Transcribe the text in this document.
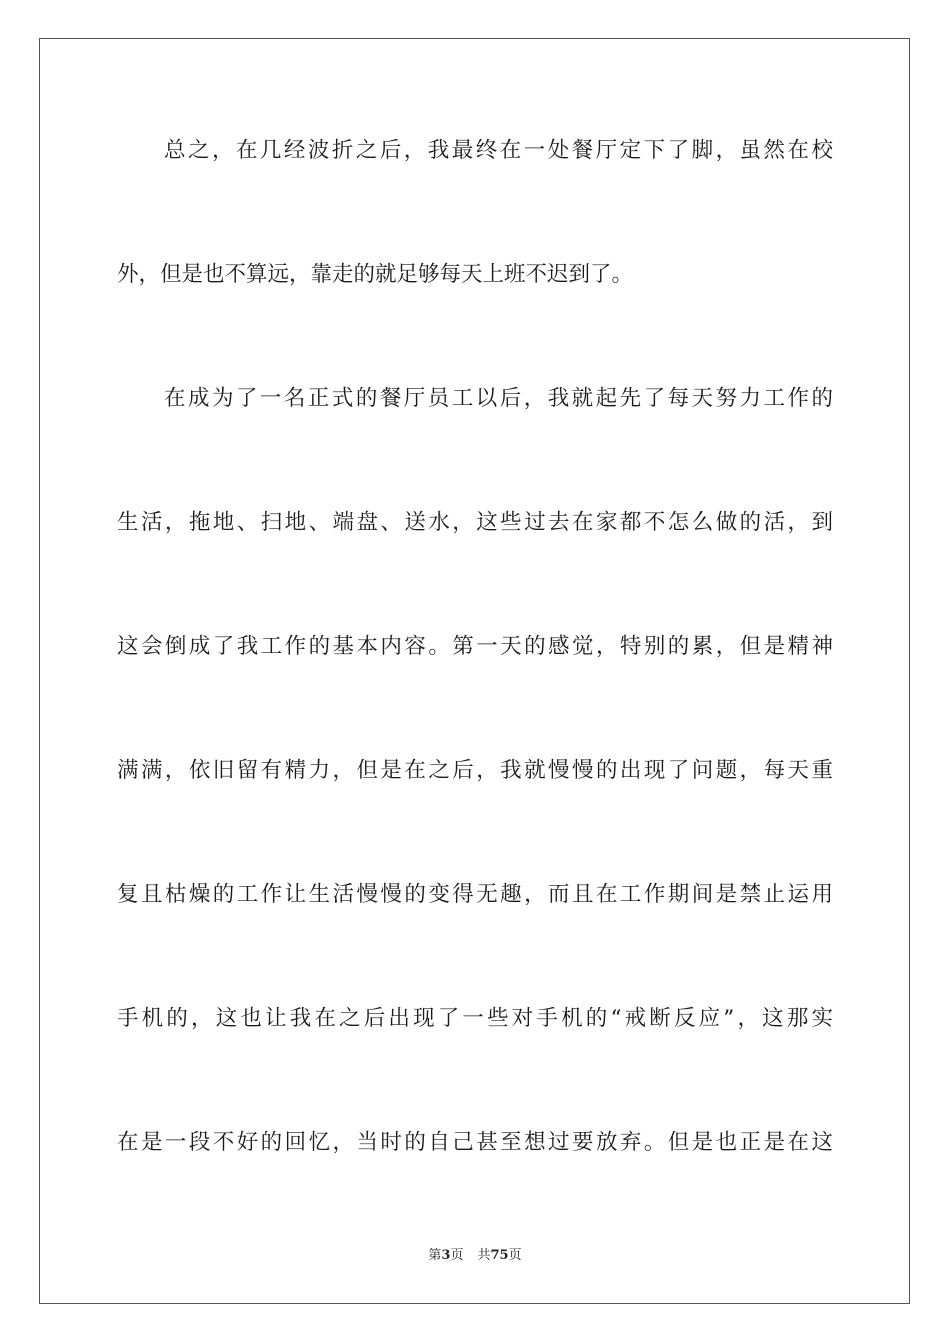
总之，在几经波折之后，我最终在一处餐厅定下了脚，虽然在校
外，但是也不算远，靠走的就足够每天上班不迟到了。
在成为了一名正式的餐厅员工以后，我就起先了每天努力工作的
生活，拖地、扫地、端盘、送水，这些过去在家都不怎么做的活，到
这会倒成了我工作的基本内容。第一天的感觉，特别的累，但是精神
满满，依旧留有精力，但是在之后，我就慢慢的出现了问题，每天重
复且枯燥的工作让生活慢慢的变得无趣，而且在工作期间是禁止运用
手机的，这也让我在之后出现了一些对手机的“戒断反应”，这那实
在是一段不好的回忆，当时的自己甚至想过要放弃。但是也正是在这
第3页 共75页
